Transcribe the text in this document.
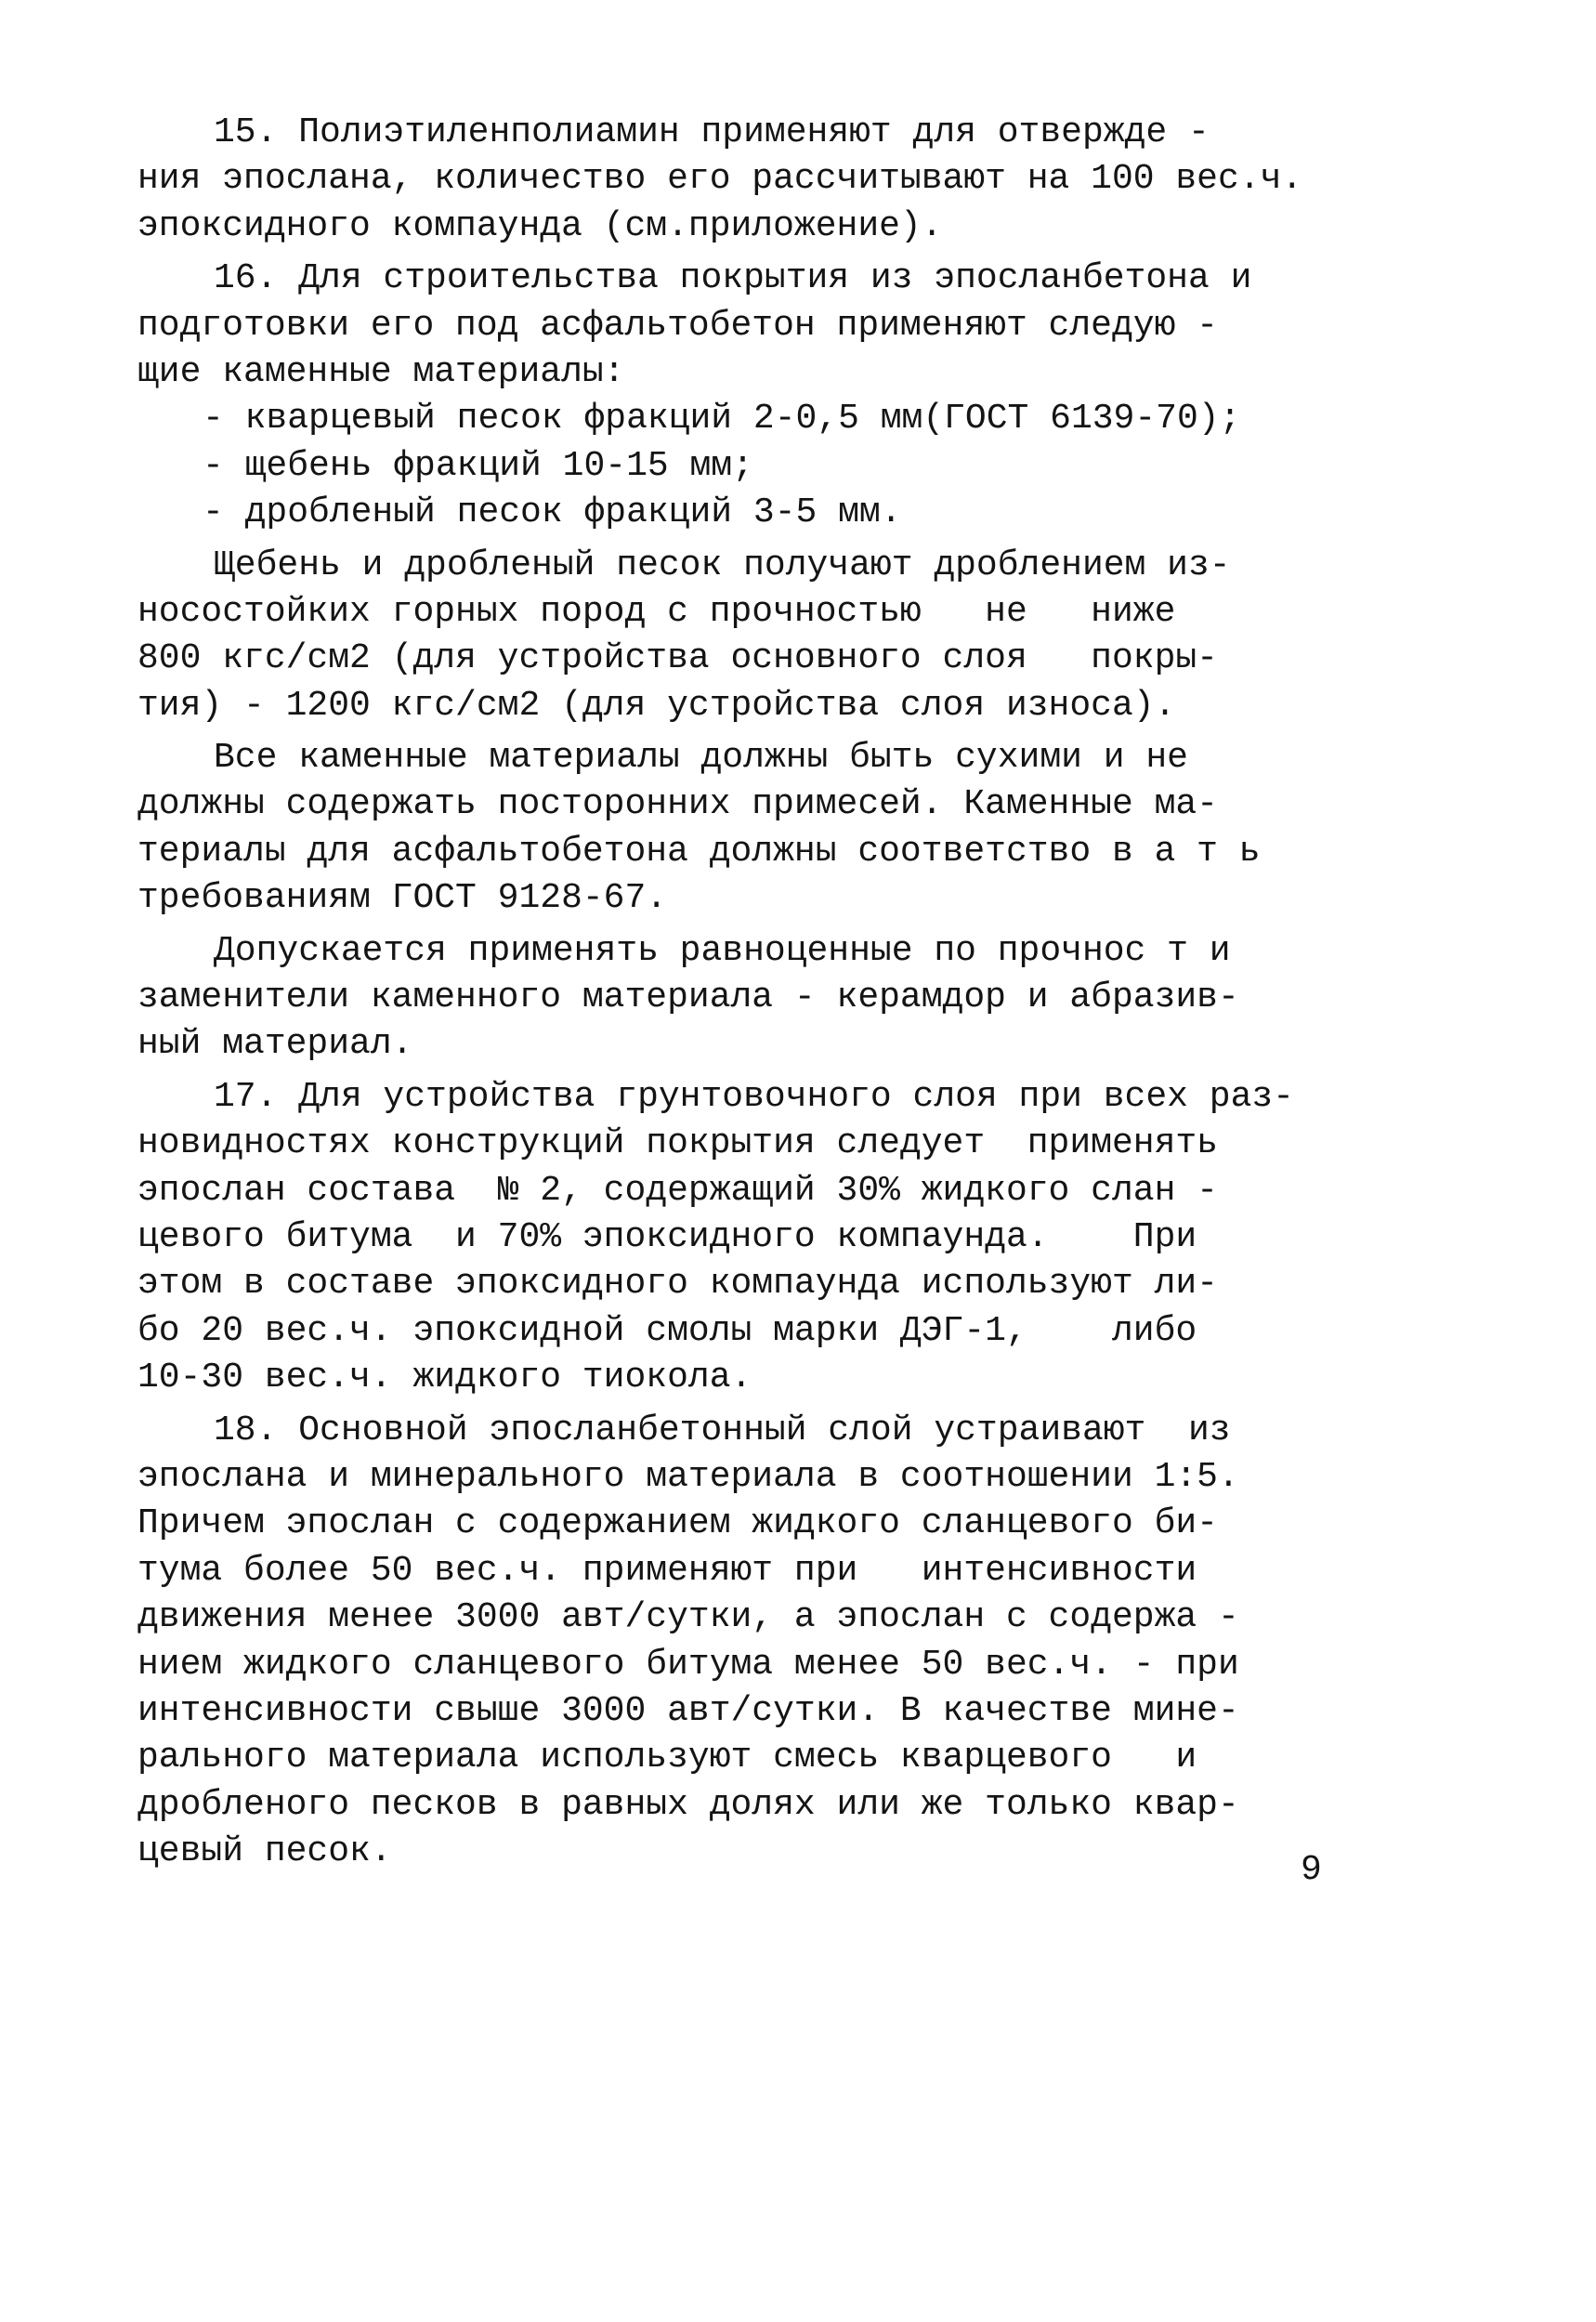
15. Полиэтиленполиамин применяют для отвержде -
ния эпослана, количество его рассчитывают на 100 вес.ч.
эпоксидного компаунда (см.приложение).
16. Для строительства покрытия из эпосланбетона и
подготовки его под асфальтобетон применяют следую -
щие каменные материалы:
- кварцевый песок фракций 2-0,5 мм(ГОСТ 6139-70);
- щебень фракций 10-15 мм;
- дробленый песок фракций 3-5 мм.
Щебень и дробленый песок получают дроблением из-
носостойких горных пород с прочностью   не   ниже
800 кгс/см2 (для устройства основного слоя   покры-
тия) - 1200 кгс/см2 (для устройства слоя износа).
Все каменные материалы должны быть сухими и не
должны содержать посторонних примесей. Каменные ма-
териалы для асфальтобетона должны соответство в а т ь
требованиям ГОСТ 9128-67.
Допускается применять равноценные по прочнос т и
заменители каменного материала - керамдор и абразив-
ный материал.
17. Для устройства грунтовочного слоя при всех раз-
новидностях конструкций покрытия следует  применять
эпослан состава  № 2, содержащий 30% жидкого слан -
цевого битума  и 70% эпоксидного компаунда.    При
этом в составе эпоксидного компаунда используют ли-
бо 20 вес.ч. эпоксидной смолы марки ДЭГ-1,    либо
10-30 вес.ч. жидкого тиокола.
18. Основной эпосланбетонный слой устраивают  из
эпослана и минерального материала в соотношении 1:5.
Причем эпослан с содержанием жидкого сланцевого би-
тума более 50 вес.ч. применяют при   интенсивности
движения менее 3000 авт/сутки, а эпослан с содержа -
нием жидкого сланцевого битума менее 50 вес.ч. - при
интенсивности свыше 3000 авт/сутки. В качестве мине-
рального материала используют смесь кварцевого   и
дробленого песков в равных долях или же только квар-
цевый песок.	9
